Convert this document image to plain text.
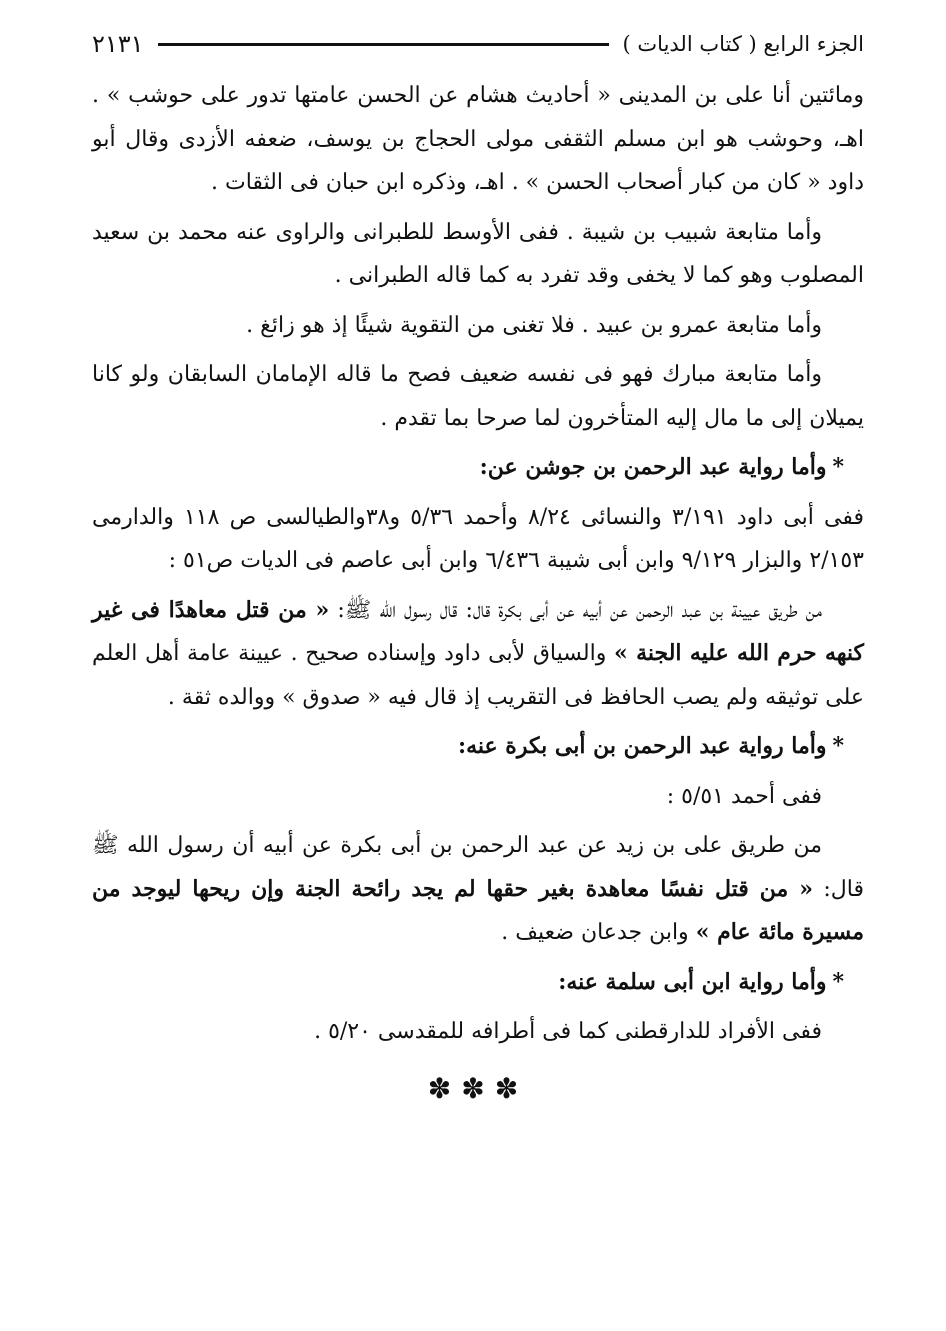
الجزء الرابع ( كتاب الديات )
٢١٣١

ومائتين أنا على بن المدينى « أحاديث هشام عن الحسن عامتها تدور على حوشب » . اهـ، وحوشب هو ابن مسلم الثقفى مولى الحجاج بن يوسف، ضعفه الأزدى وقال أبو داود « كان من كبار أصحاب الحسن » . اهـ، وذكره ابن حبان فى الثقات .

وأما متابعة شبيب بن شيبة . ففى الأوسط للطبرانى والراوى عنه محمد بن سعيد المصلوب وهو كما لا يخفى وقد تفرد به كما قاله الطبرانى .

وأما متابعة عمرو بن عبيد . فلا تغنى من التقوية شيئًا إذ هو زائغ .

وأما متابعة مبارك فهو فى نفسه ضعيف فصح ما قاله الإمامان السابقان ولو كانا يميلان إلى ما مال إليه المتأخرون لما صرحا بما تقدم .

*وأما رواية عبد الرحمن بن جوشن عن:

ففى أبى داود ٣/١٩١ والنسائى ٨/٢٤ وأحمد ٥/٣٦ و٣٨والطيالسى ص ١١٨ والدارمى ٢/١٥٣ والبزار ٩/١٢٩ وابن أبى شيبة ٦/٤٣٦ وابن أبى عاصم فى الديات ص٥١ :

من طريق عيينة بن عبد الرحمن عن أبيه عن أبى بكرة قال: قال رسول الله ﷺ: « من قتل معاهدًا فى غير كنهه حرم الله عليه الجنة » والسياق لأبى داود وإسناده صحيح . عيينة عامة أهل العلم على توثيقه ولم يصب الحافظ فى التقريب إذ قال فيه « صدوق » ووالده ثقة .

*وأما رواية عبد الرحمن بن أبى بكرة عنه:

ففى أحمد ٥/٥١ :

من طريق على بن زيد عن عبد الرحمن بن أبى بكرة عن أبيه أن رسول الله ﷺ قال: « من قتل نفسًا معاهدة بغير حقها لم يجد رائحة الجنة وإن ريحها ليوجد من مسيرة مائة عام » وابن جدعان ضعيف .

*وأما رواية ابن أبى سلمة عنه:

ففى الأفراد للدارقطنى كما فى أطرافه للمقدسى ٥/٢٠ .

✽✽✽
